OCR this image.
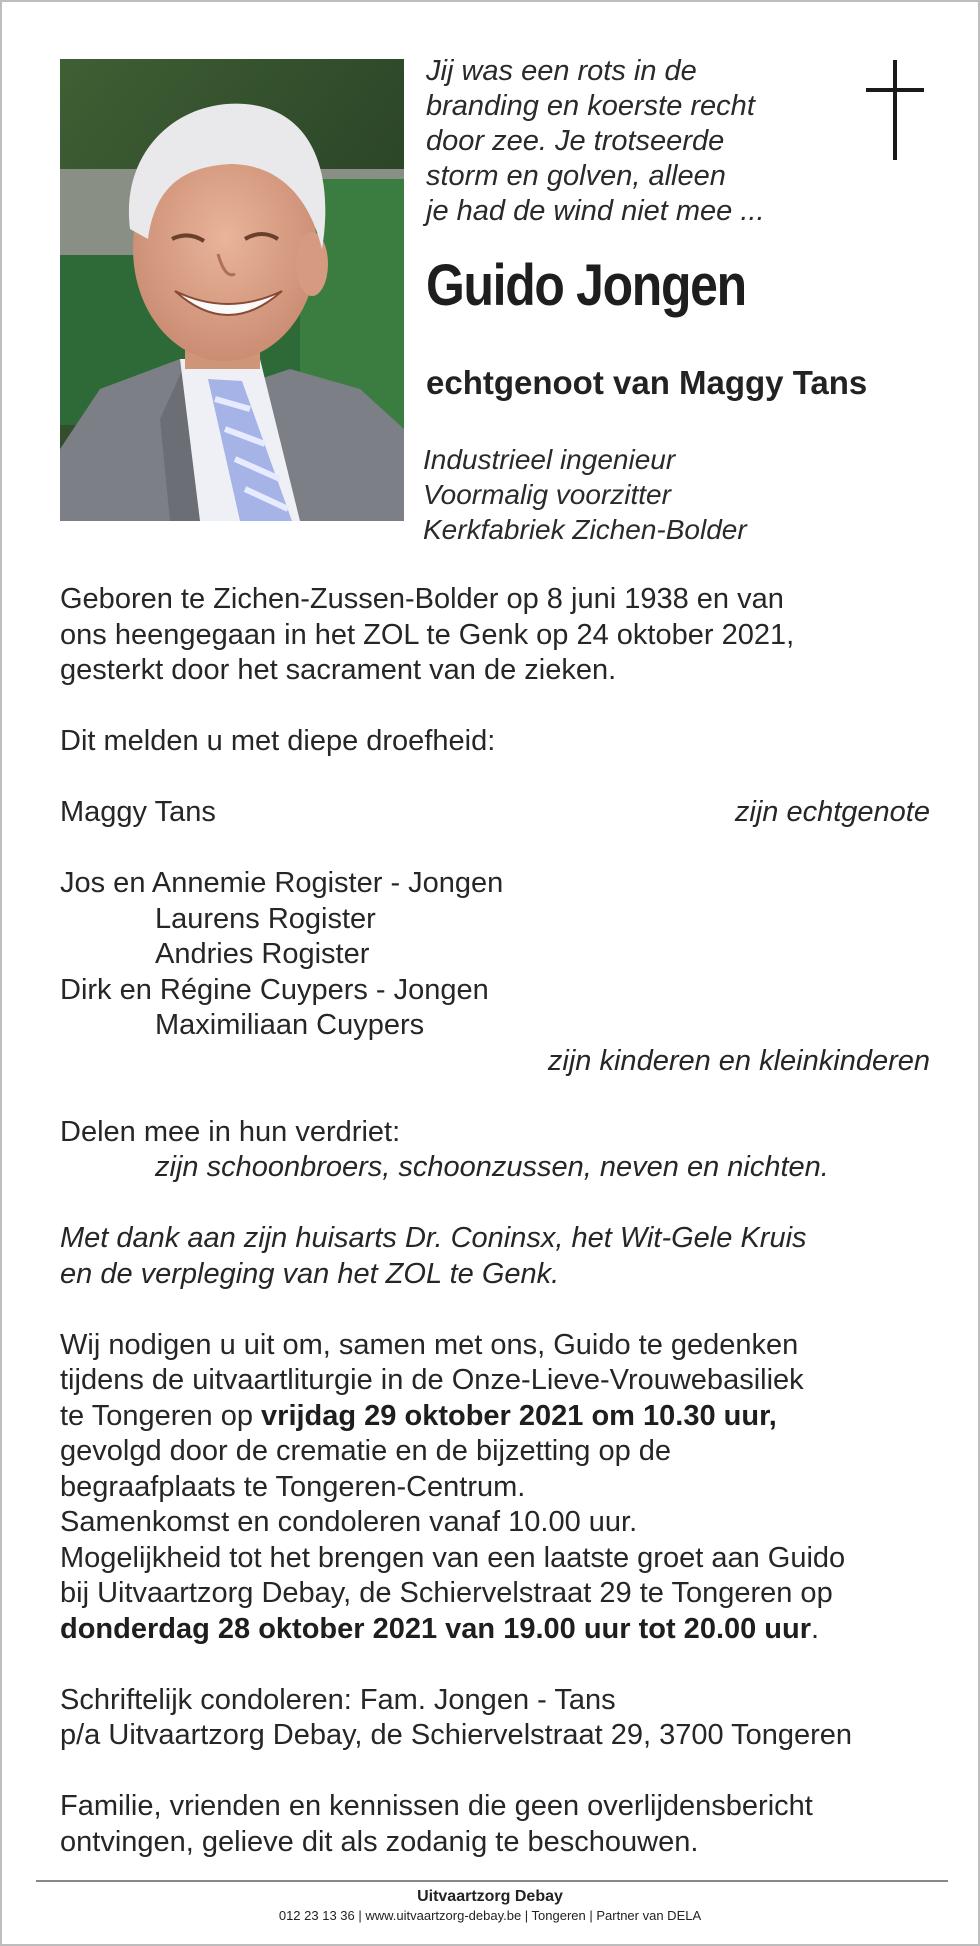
Jij was een rots in de
branding en koerste recht
door zee. Je trotseerde
storm en golven, alleen
je had de wind niet mee ...
Guido Jongen
echtgenoot van Maggy Tans
Industrieel ingenieur
Voormalig voorzitter
Kerkfabriek Zichen-Bolder
Geboren te Zichen-Zussen-Bolder op 8 juni 1938 en van
ons heengegaan in het ZOL te Genk op 24 oktober 2021,
gesterkt door het sacrament van de zieken.
Dit melden u met diepe droefheid:
Maggy Tans	zijn echtgenote
Jos en Annemie Rogister - Jongen
Laurens Rogister
Andries Rogister
Dirk en Régine Cuypers - Jongen
Maximiliaan Cuypers
zijn kinderen en kleinkinderen
Delen mee in hun verdriet:
zijn schoonbroers, schoonzussen, neven en nichten.
Met dank aan zijn huisarts Dr. Coninsx, het Wit-Gele Kruis
en de verpleging van het ZOL te Genk.
Wij nodigen u uit om, samen met ons, Guido te gedenken
tijdens de uitvaartliturgie in de Onze-Lieve-Vrouwebasiliek
te Tongeren op vrijdag 29 oktober 2021 om 10.30 uur,
gevolgd door de crematie en de bijzetting op de
begraafplaats te Tongeren-Centrum.
Samenkomst en condoleren vanaf 10.00 uur.
Mogelijkheid tot het brengen van een laatste groet aan Guido
bij Uitvaartzorg Debay, de Schiervelstraat 29 te Tongeren op
donderdag 28 oktober 2021 van 19.00 uur tot 20.00 uur.
Schriftelijk condoleren: Fam. Jongen - Tans
p/a Uitvaartzorg Debay, de Schiervelstraat 29, 3700 Tongeren
Familie, vrienden en kennissen die geen overlijdensbericht
ontvingen, gelieve dit als zodanig te beschouwen.
Uitvaartzorg Debay
012 23 13 36 | www.uitvaartzorg-debay.be | Tongeren | Partner van DELA
